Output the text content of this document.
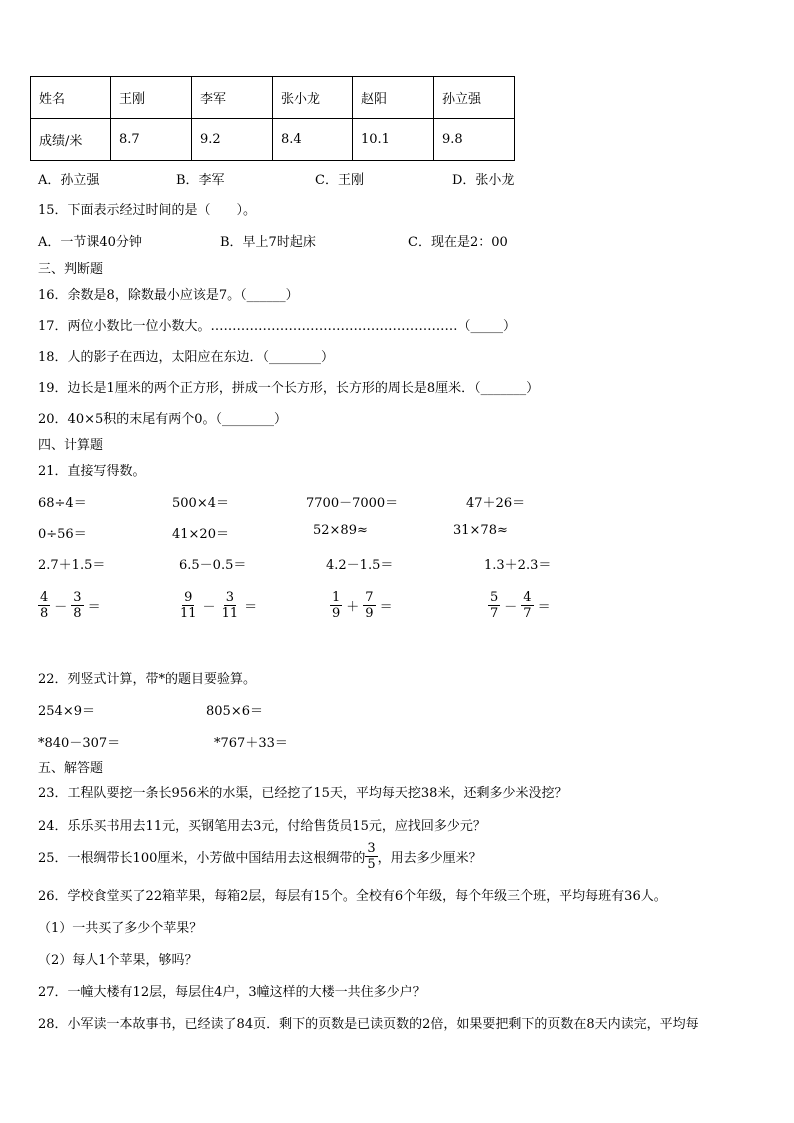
姓名	王刚	李军	张小龙	赵阳	孙立强
成绩/米	8.7	9.2	8.4	10.1	9.8
A．孙立强	B．李军	C．王刚	D．张小龙
15．下面表示经过时间的是（　　）。
A．一节课40分钟	B．早上7时起床	C．现在是2：00
三、判断题
16．余数是8，除数最小应该是7。（______）
17．两位小数比一位小数大。…………………………………………………（_____）
18．人的影子在西边，太阳应在东边．（________）
19．边长是1厘米的两个正方形，拼成一个长方形，长方形的周长是8厘米．（_______）
20．40×5积的末尾有两个0。（________）
四、计算题
21．直接写得数。
68÷4＝	500×4＝	7700－7000＝	47＋26＝
0÷56＝	41×20＝	52×89≈	31×78≈
2.7＋1.5＝	6.5－0.5＝	4.2－1.5＝	1.3＋2.3＝
$\frac{4}{8} - \frac{3}{8}$ ＝	$\frac{9}{11} - \frac{3}{11}$ ＝	$\frac{1}{9} + \frac{7}{9}$ ＝	$\frac{5}{7} - \frac{4}{7}$ ＝
22．列竖式计算，带*的题目要验算。
254×9＝	805×6＝
*840－307＝	*767＋33＝
五、解答题
23．工程队要挖一条长956米的水渠，已经挖了15天，平均每天挖38米，还剩多少米没挖？
24．乐乐买书用去11元，买钢笔用去3元，付给售货员15元，应找回多少元？
25．一根绸带长100厘米，小芳做中国结用去这根绸带的 $\frac{3}{5}$ ，用去多少厘米？
26．学校食堂买了22箱苹果，每箱2层，每层有15个。全校有6个年级，每个年级三个班，平均每班有36人。
（1）一共买了多少个苹果？
（2）每人1个苹果，够吗？
27．一幢大楼有12层，每层住4户，3幢这样的大楼一共住多少户？
28．小军读一本故事书，已经读了84页．剩下的页数是已读页数的2倍，如果要把剩下的页数在8天内读完，平均每
